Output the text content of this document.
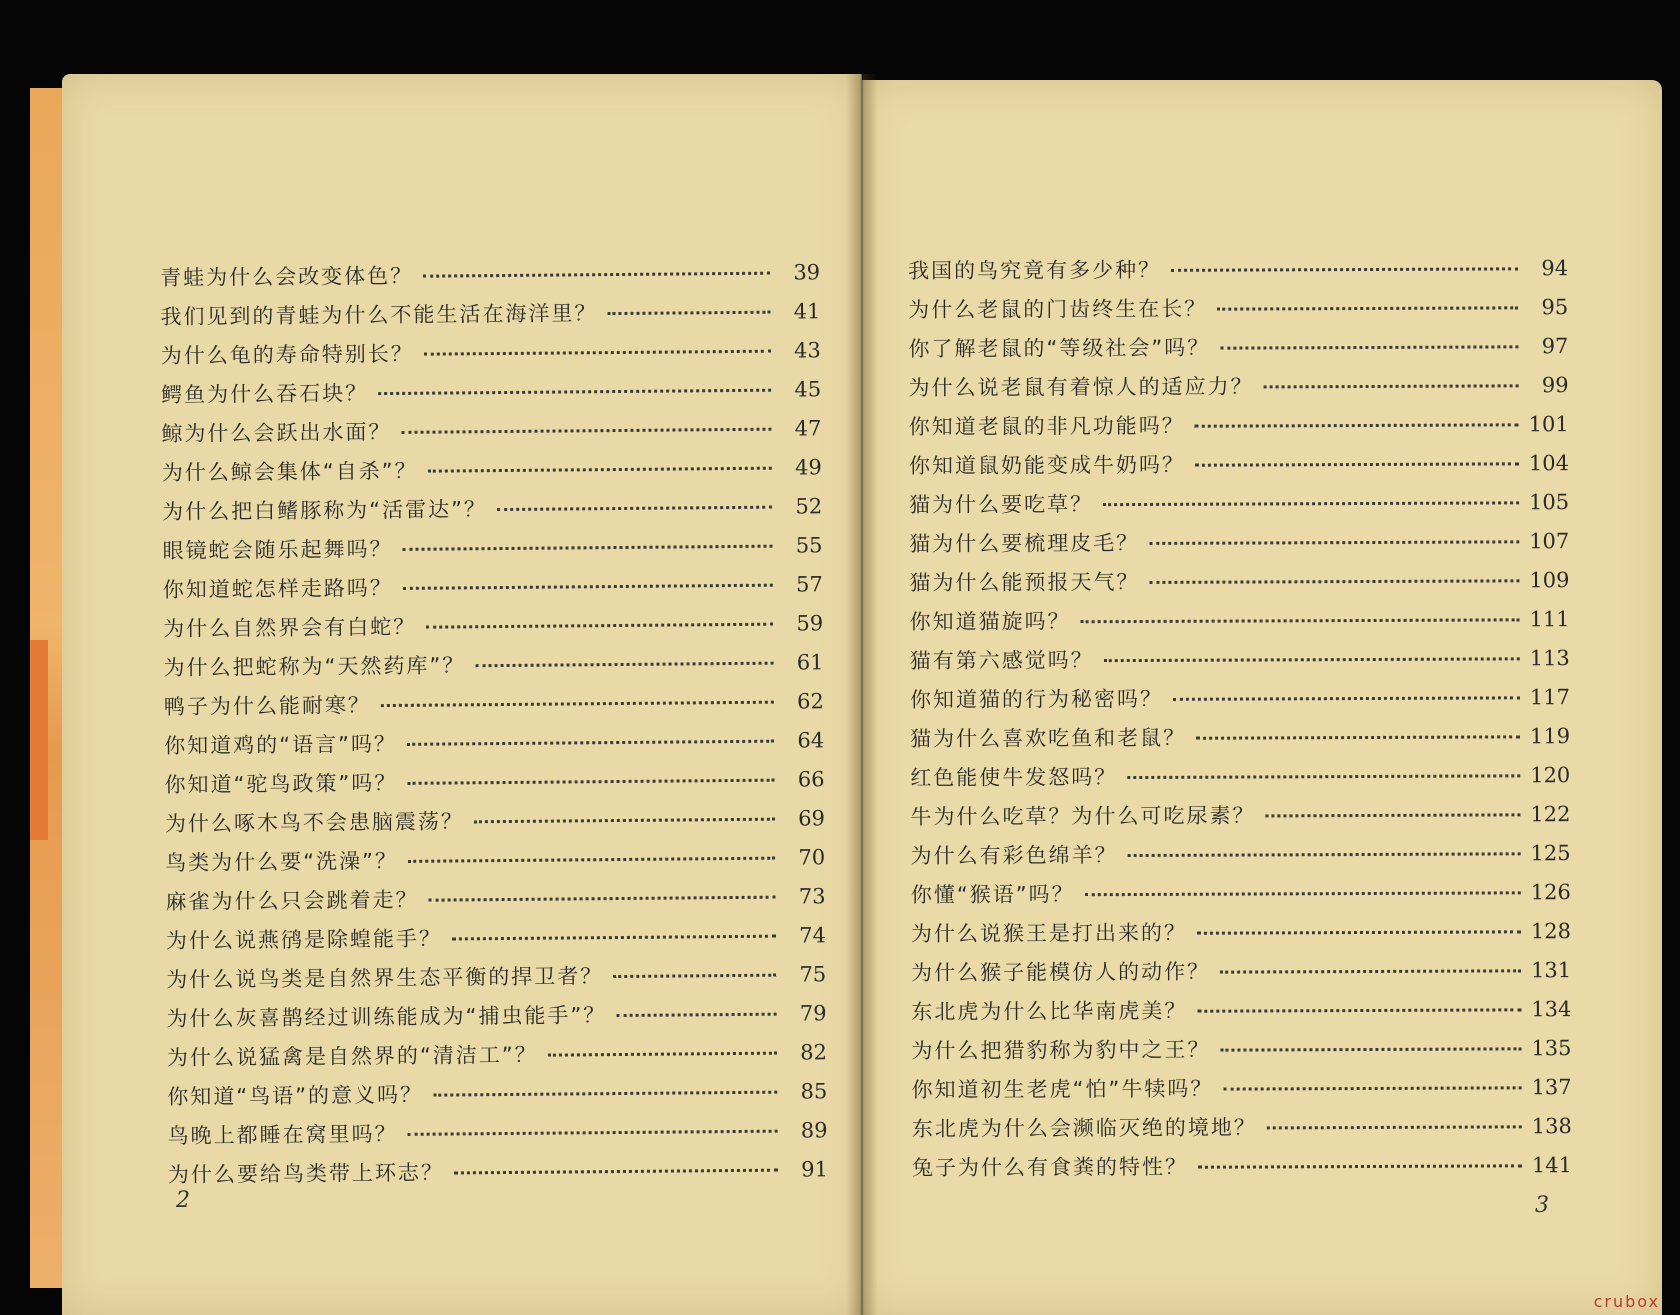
青蛙为什么会改变体色？	39
我们见到的青蛙为什么不能生活在海洋里？	41
为什么龟的寿命特别长？	43
鳄鱼为什么吞石块？	45
鲸为什么会跃出水面？	47
为什么鲸会集体“自杀”？	49
为什么把白鳍豚称为“活雷达”？	52
眼镜蛇会随乐起舞吗？	55
你知道蛇怎样走路吗？	57
为什么自然界会有白蛇？	59
为什么把蛇称为“天然药库”？	61
鸭子为什么能耐寒？	62
你知道鸡的“语言”吗？	64
你知道“驼鸟政策”吗？	66
为什么啄木鸟不会患脑震荡？	69
鸟类为什么要“洗澡”？	70
麻雀为什么只会跳着走？	73
为什么说燕鸻是除蝗能手？	74
为什么说鸟类是自然界生态平衡的捍卫者？	75
为什么灰喜鹊经过训练能成为“捕虫能手”？	79
为什么说猛禽是自然界的“清洁工”？	82
你知道“鸟语”的意义吗？	85
鸟晚上都睡在窝里吗？	89
为什么要给鸟类带上环志？	91
我国的鸟究竟有多少种？	94
为什么老鼠的门齿终生在长？	95
你了解老鼠的“等级社会”吗？	97
为什么说老鼠有着惊人的适应力？	99
你知道老鼠的非凡功能吗？	101
你知道鼠奶能变成牛奶吗？	104
猫为什么要吃草？	105
猫为什么要梳理皮毛？	107
猫为什么能预报天气？	109
你知道猫旋吗？	111
猫有第六感觉吗？	113
你知道猫的行为秘密吗？	117
猫为什么喜欢吃鱼和老鼠？	119
红色能使牛发怒吗？	120
牛为什么吃草？为什么可吃尿素？	122
为什么有彩色绵羊？	125
你懂“猴语”吗？	126
为什么说猴王是打出来的？	128
为什么猴子能模仿人的动作？	131
东北虎为什么比华南虎美？	134
为什么把猎豹称为豹中之王？	135
你知道初生老虎“怕”牛犊吗？	137
东北虎为什么会濒临灭绝的境地？	138
兔子为什么有食粪的特性？	141
2	3
crubox
